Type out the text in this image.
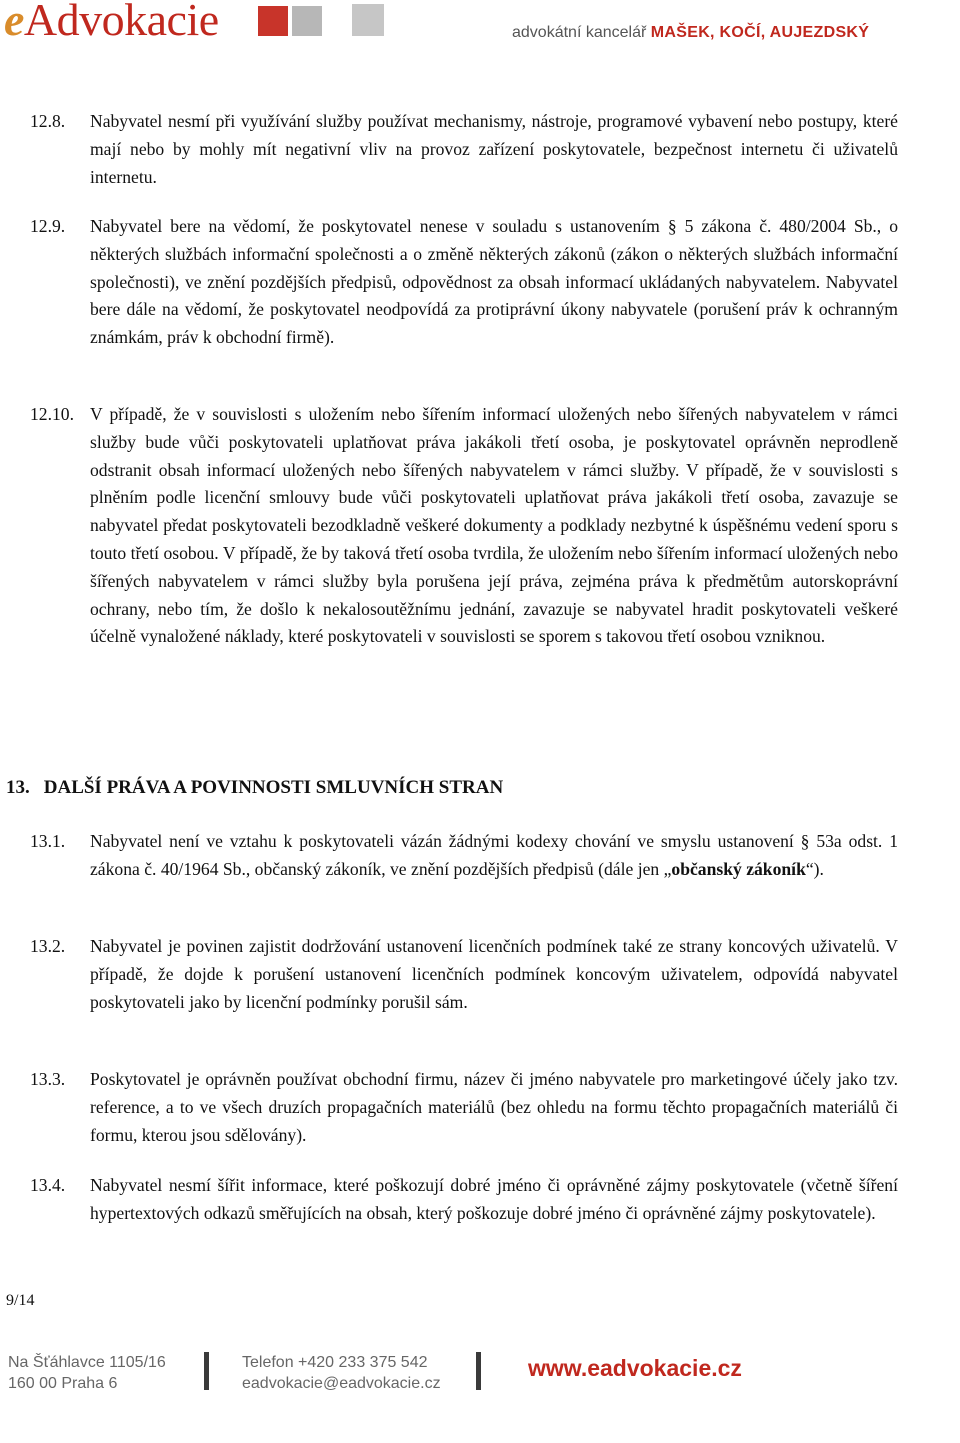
eAdvokacie	advokátní kancelář MAŠEK, KOČÍ, AUJEZDSKÝ
12.8. Nabyvatel nesmí při využívání služby používat mechanismy, nástroje, programové vybavení nebo postupy, které mají nebo by mohly mít negativní vliv na provoz zařízení poskytovatele, bezpečnost internetu či uživatelů internetu.
12.9. Nabyvatel bere na vědomí, že poskytovatel nenese v souladu s ustanovením § 5 zákona č. 480/2004 Sb., o některých službách informační společnosti a o změně některých zákonů (zákon o některých službách informační společnosti), ve znění pozdějších předpisů, odpovědnost za obsah informací ukládaných nabyvatelem. Nabyvatel bere dále na vědomí, že poskytovatel neodpovídá za protiprávní úkony nabyvatele (porušení práv k ochranným známkám, práv k obchodní firmě).
12.10. V případě, že v souvislosti s uložením nebo šířením informací uložených nebo šířených nabyvatelem v rámci služby bude vůči poskytovateli uplatňovat práva jakákoli třetí osoba, je poskytovatel oprávněn neprodleně odstranit obsah informací uložených nebo šířených nabyvatelem v rámci služby. V případě, že v souvislosti s plněním podle licenční smlouvy bude vůči poskytovateli uplatňovat práva jakákoli třetí osoba, zavazuje se nabyvatel předat poskytovateli bezodkladně veškeré dokumenty a podklady nezbytné k úspěšnému vedení sporu s touto třetí osobou. V případě, že by taková třetí osoba tvrdila, že uložením nebo šířením informací uložených nebo šířených nabyvatelem v rámci služby byla porušena její práva, zejména práva k předmětům autorskoprávní ochrany, nebo tím, že došlo k nekalosoutěžnímu jednání, zavazuje se nabyvatel hradit poskytovateli veškeré účelně vynaložené náklady, které poskytovateli v souvislosti se sporem s takovou třetí osobou vzniknou.
13. DALŠÍ PRÁVA A POVINNOSTI SMLUVNÍCH STRAN
13.1. Nabyvatel není ve vztahu k poskytovateli vázán žádnými kodexy chování ve smyslu ustanovení § 53a odst. 1 zákona č. 40/1964 Sb., občanský zákoník, ve znění pozdějších předpisů (dále jen „občanský zákoník“).
13.2. Nabyvatel je povinen zajistit dodržování ustanovení licenčních podmínek také ze strany koncových uživatelů. V případě, že dojde k porušení ustanovení licenčních podmínek koncovým uživatelem, odpovídá nabyvatel poskytovateli jako by licenční podmínky porušil sám.
13.3. Poskytovatel je oprávněn používat obchodní firmu, název či jméno nabyvatele pro marketingové účely jako tzv. reference, a to ve všech druzích propagačních materiálů (bez ohledu na formu těchto propagačních materiálů či formu, kterou jsou sdělovány).
13.4. Nabyvatel nesmí šířit informace, které poškozují dobré jméno či oprávněné zájmy poskytovatele (včetně šíření hypertextových odkazů směřujících na obsah, který poškozuje dobré jméno či oprávněné zájmy poskytovatele).
9/14
Na Šťáhlavce 1105/16
160 00 Praha 6
Telefon +420 233 375 542
eadvokacie@eadvokacie.cz
www.eadvokacie.cz
